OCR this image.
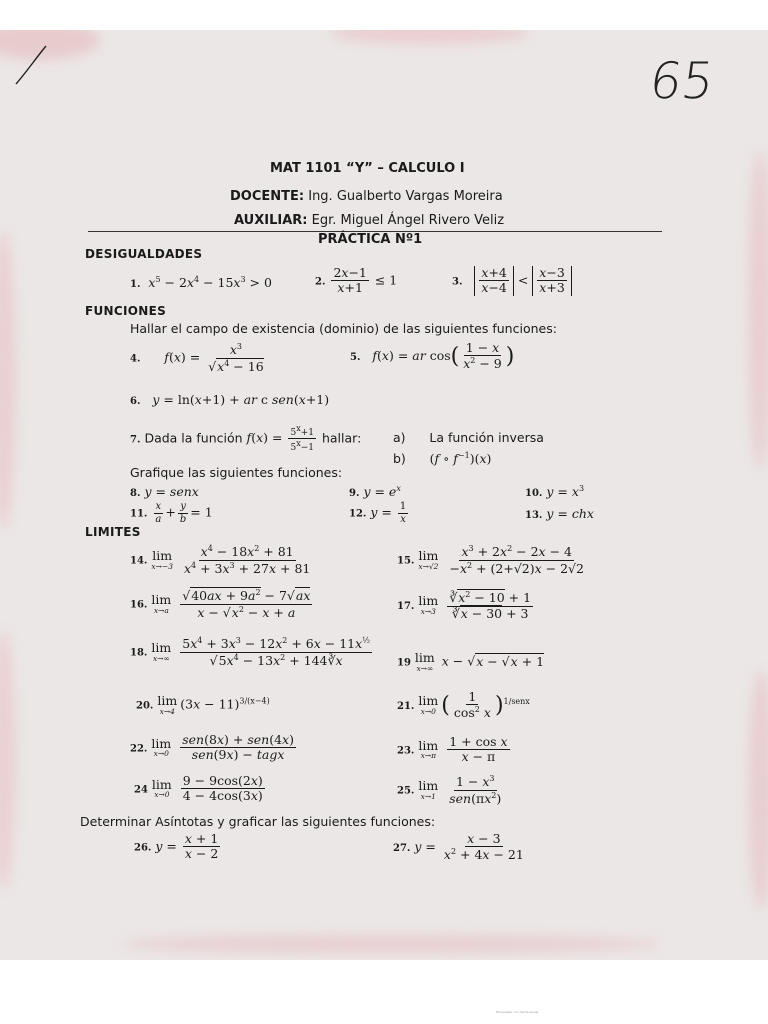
65
MAT 1101 “Y” – CALCULO I
DOCENTE: Ing. Gualberto Vargas Moreira
AUXILIAR: Egr. Miguel Ángel Rivero Veliz
PRÁCTICA Nº1
DESIGUALDADES
1. $x^5 - 2x^4 - 15x^3 > 0$	2. $\frac{2x-1}{x+1} \le 1$	3. $\frac{x+4}{x-4} < \frac{x-3}{x+3}$
FUNCIONES
Hallar el campo de existencia (dominio) de las siguientes funciones:
4. $f(x) = \frac{x^3}{√x^4 - 16}$	5. f(x) = ar $\cos( \frac{1 - x}{x^2 - 9}$ )
6. y = ln(x+1) + ar c sen(x+1)
7. Dada la función $f(x) = \frac{5^x+1}{5^x-1}$ hallar:	a) La función inversa
b) (f ∘ $f^{-1})(x)$
Grafique las siguientes funciones:
8. y = senx	9. $y = e^x$	10. $y = x^3$
11. $\frac{x}{a} + \frac{y}{b} = 1$	12. $y = \frac{1}{x}$	13. y = chx
LIMITES
14. lim
x→−3
$\frac{x^4 - 18x^2 + 81}{x^4 + 3x^3 + 27x + 81}$	15. lim
x→√2
$\frac{x^3 + 2x^2 - 2x - 4}{-x^2 + (2+√2)x - 2√2}$
16. lim
x→a
$\frac{√40ax + 9a^2 - 7√ax}{x - √x^2 - x + a}$	17. lim
x→3
$\frac{∛x^2 - 10 + 1}{∛x - 30 + 3}$
18. lim
x→∞
$\frac{5x^4 + 3x^3 - 12x^2 + 6x - 11x^{\frac{1}{2}}}{√5x^4 - 13x^2 + 144∛x}$	19 lim
x→∞ x − √x − √x + 1
20. lim
x→4 $(3x - 11)^{3/(x-4)}$
21. lim
x→0 ( $\frac{1}{\cos^2 x} )^{1/senx}$
22. lim
x→0
$\frac{\text{sen(8x) + sen(4x)}}{\text{sen(9x) − tagx}}$	23. lim
x→π
$\frac{\text{1 + cos x}}{x - \pi}$
24 lim
x→0
$\frac{9 - 9\cos(2x)}{4 - 4\cos(3x)}$	25. lim
x→1
$\frac{1 - x^3}{sen(\pi x^2)}$
Determinar Asíntotas y graficar las siguientes funciones:
26. $y = \frac{x + 1}{x - 2}$	27. $y = \frac{x - 3}{x^2 + 4x - 21}$
Escaneado con CamScanner
